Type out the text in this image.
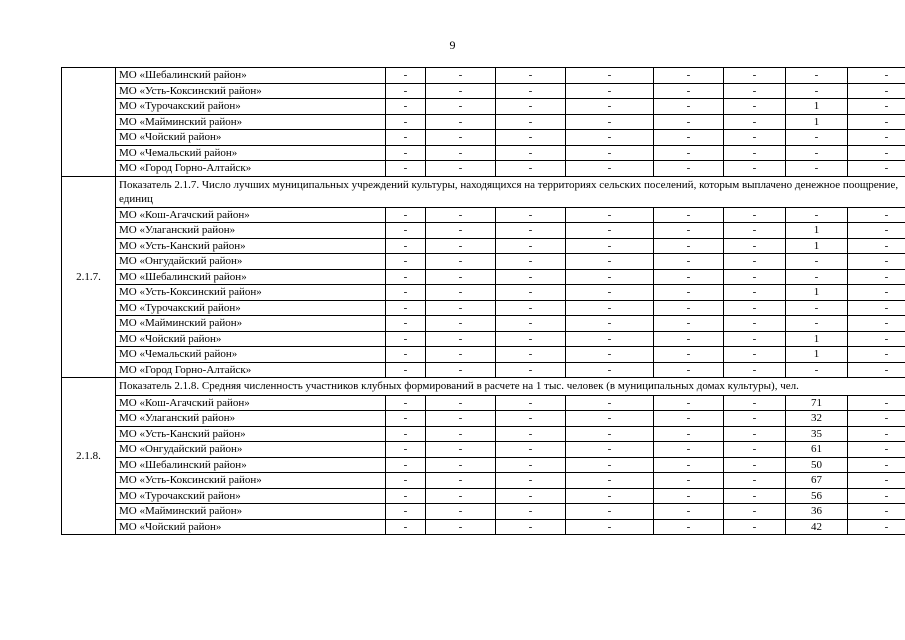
9
	МО «Шебалинский район»	-	-	-	-	-	-	-	-
	МО «Усть-Коксинский район»	-	-	-	-	-	-	-	-
	МО «Турочакский район»	-	-	-	-	-	-	1	-
	МО «Майминский район»	-	-	-	-	-	-	1	-
	МО «Чойский район»	-	-	-	-	-	-	-	-
	МО «Чемальский район»	-	-	-	-	-	-	-	-
	МО «Город Горно-Алтайск»	-	-	-	-	-	-	-	-
2.1.7.	Показатель 2.1.7. Число лучших муниципальных учреждений культуры, находящихся на территориях сельских поселений, которым выплачено денежное поощрение, единиц								
	МО «Кош-Агачский район»	-	-	-	-	-	-	-	-
	МО «Улаганский район»	-	-	-	-	-	-	1	-
	МО «Усть-Канский район»	-	-	-	-	-	-	1	-
	МО «Онгудайский район»	-	-	-	-	-	-	-	-
	МО «Шебалинский район»	-	-	-	-	-	-	-	-
	МО «Усть-Коксинский район»	-	-	-	-	-	-	1	-
	МО «Турочакский район»	-	-	-	-	-	-	-	-
	МО «Майминский район»	-	-	-	-	-	-	-	-
	МО «Чойский район»	-	-	-	-	-	-	1	-
	МО «Чемальский район»	-	-	-	-	-	-	1	-
	МО «Город Горно-Алтайск»	-	-	-	-	-	-	-	-
2.1.8.	Показатель 2.1.8. Средняя численность участников клубных формирований в расчете на 1 тыс. человек (в муниципальных домах культуры), чел.								
	МО «Кош-Агачский район»	-	-	-	-	-	-	71	-
	МО «Улаганский район»	-	-	-	-	-	-	32	-
	МО «Усть-Канский район»	-	-	-	-	-	-	35	-
	МО «Онгудайский район»	-	-	-	-	-	-	61	-
	МО «Шебалинский район»	-	-	-	-	-	-	50	-
	МО «Усть-Коксинский район»	-	-	-	-	-	-	67	-
	МО «Турочакский район»	-	-	-	-	-	-	56	-
	МО «Майминский район»	-	-	-	-	-	-	36	-
	МО «Чойский район»	-	-	-	-	-	-	42	-
